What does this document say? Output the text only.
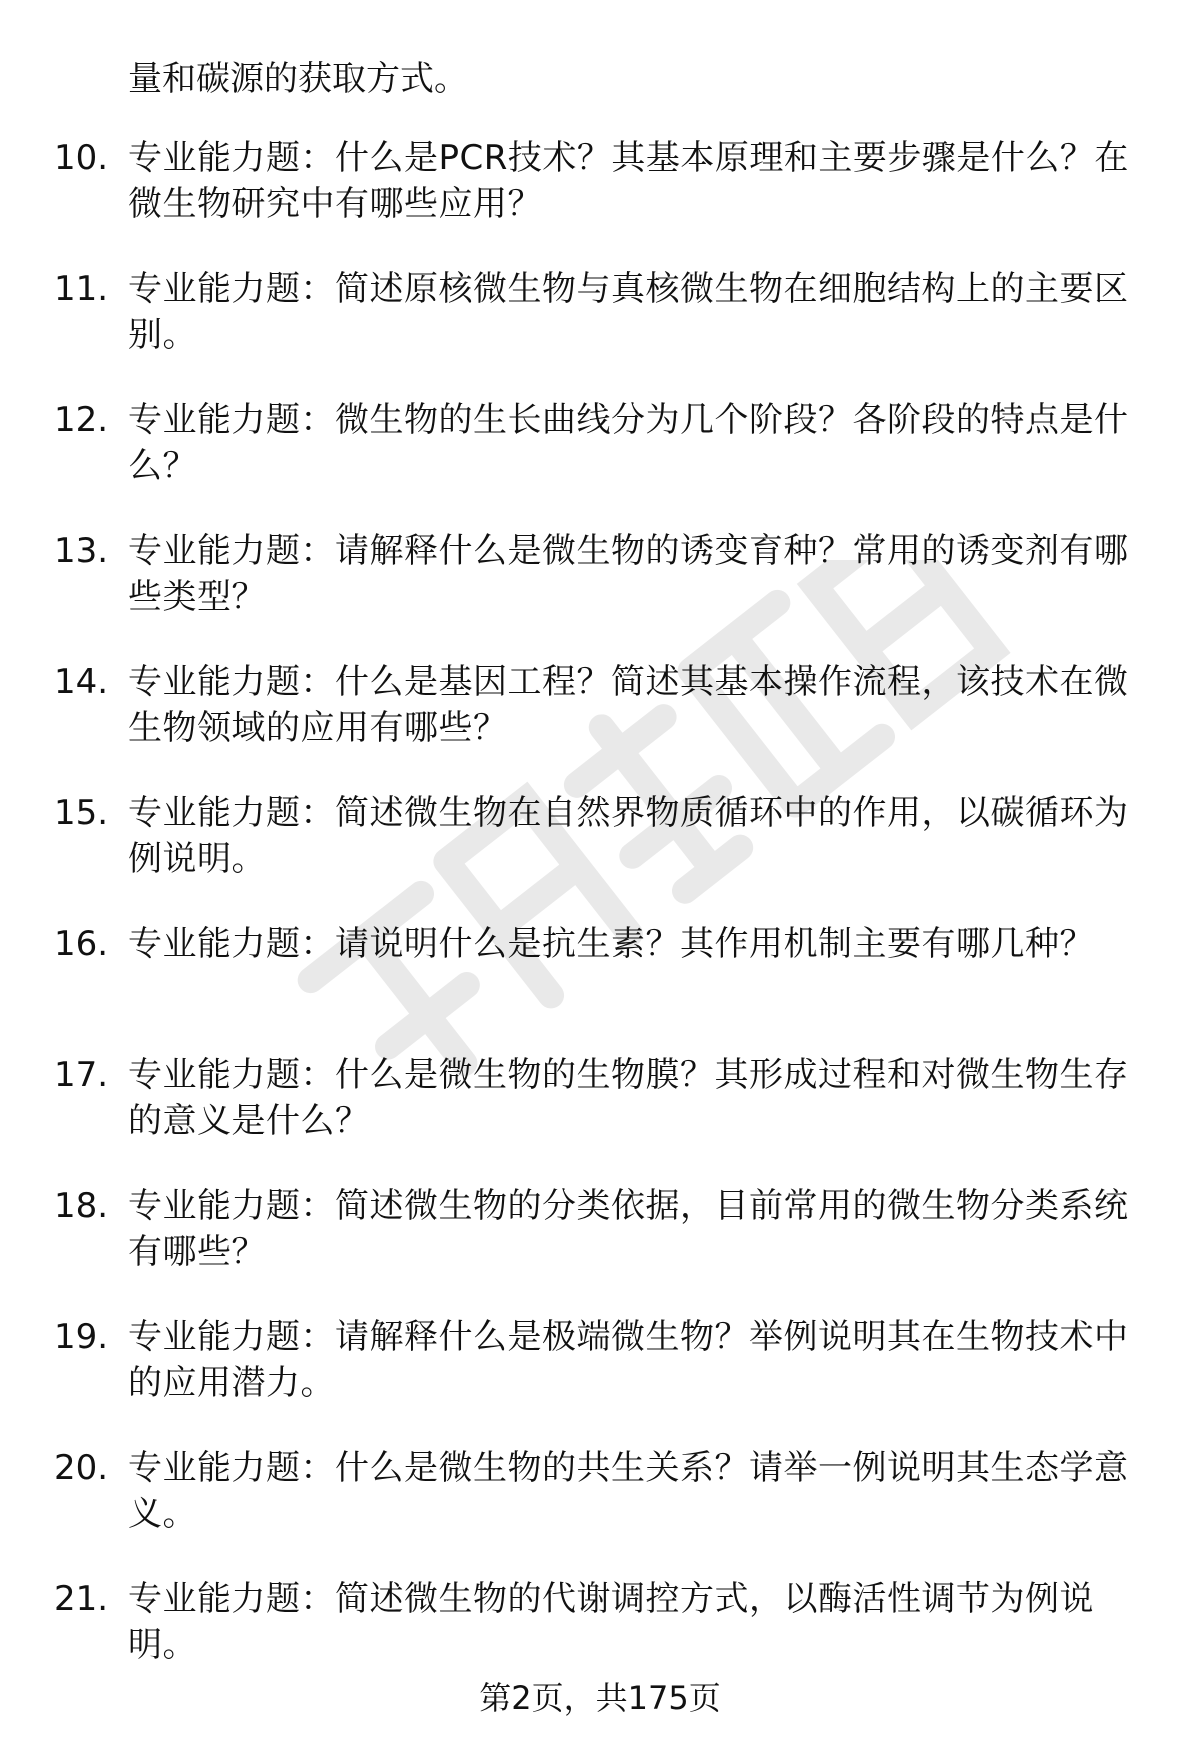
量和碳源的获取方式。
10. 专业能力题：什么是PCR技术？其基本原理和主要步骤是什么？在微生物研究中有哪些应用？
11. 专业能力题：简述原核微生物与真核微生物在细胞结构上的主要区别。
12. 专业能力题：微生物的生长曲线分为几个阶段？各阶段的特点是什么？
13. 专业能力题：请解释什么是微生物的诱变育种？常用的诱变剂有哪些类型？
14. 专业能力题：什么是基因工程？简述其基本操作流程，该技术在微生物领域的应用有哪些？
15. 专业能力题：简述微生物在自然界物质循环中的作用，以碳循环为例说明。
16. 专业能力题：请说明什么是抗生素？其作用机制主要有哪几种？
17. 专业能力题：什么是微生物的生物膜？其形成过程和对微生物生存的意义是什么？
18. 专业能力题：简述微生物的分类依据，目前常用的微生物分类系统有哪些？
19. 专业能力题：请解释什么是极端微生物？举例说明其在生物技术中的应用潜力。
20. 专业能力题：什么是微生物的共生关系？请举一例说明其生态学意义。
21. 专业能力题：简述微生物的代谢调控方式，以酶活性调节为例说明。
第2页，共175页
